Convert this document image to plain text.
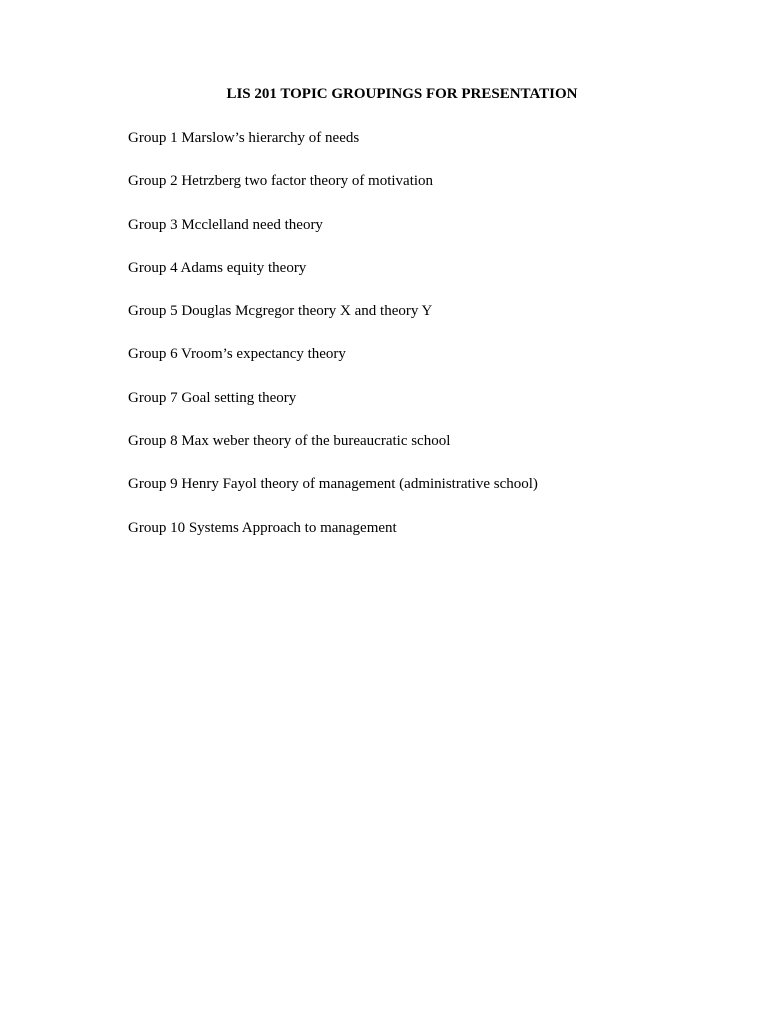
LIS 201 TOPIC GROUPINGS FOR PRESENTATION
Group 1 Marslow’s hierarchy of needs
Group 2 Hetrzberg two factor theory of motivation
Group 3 Mcclelland need theory
Group 4 Adams equity theory
Group 5 Douglas Mcgregor theory X and theory Y
Group 6 Vroom’s expectancy theory
Group 7 Goal setting theory
Group 8 Max weber theory of the bureaucratic school
Group 9 Henry Fayol theory of management (administrative school)
Group 10 Systems Approach to management
